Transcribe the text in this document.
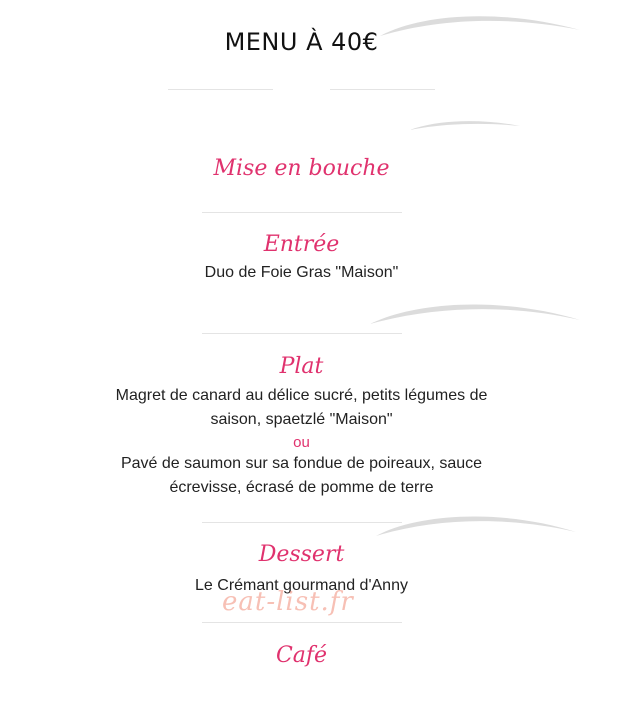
MENU À 40€
Mise en bouche
Entrée
Duo de Foie Gras "Maison"
Plat
Magret de canard au délice sucré, petits légumes de
saison, spaetzlé "Maison"
ou
Pavé de saumon sur sa fondue de poireaux, sauce
écrevisse, écrasé de pomme de terre
Dessert
Le Crémant gourmand d'Anny
eat-list.fr
Café
